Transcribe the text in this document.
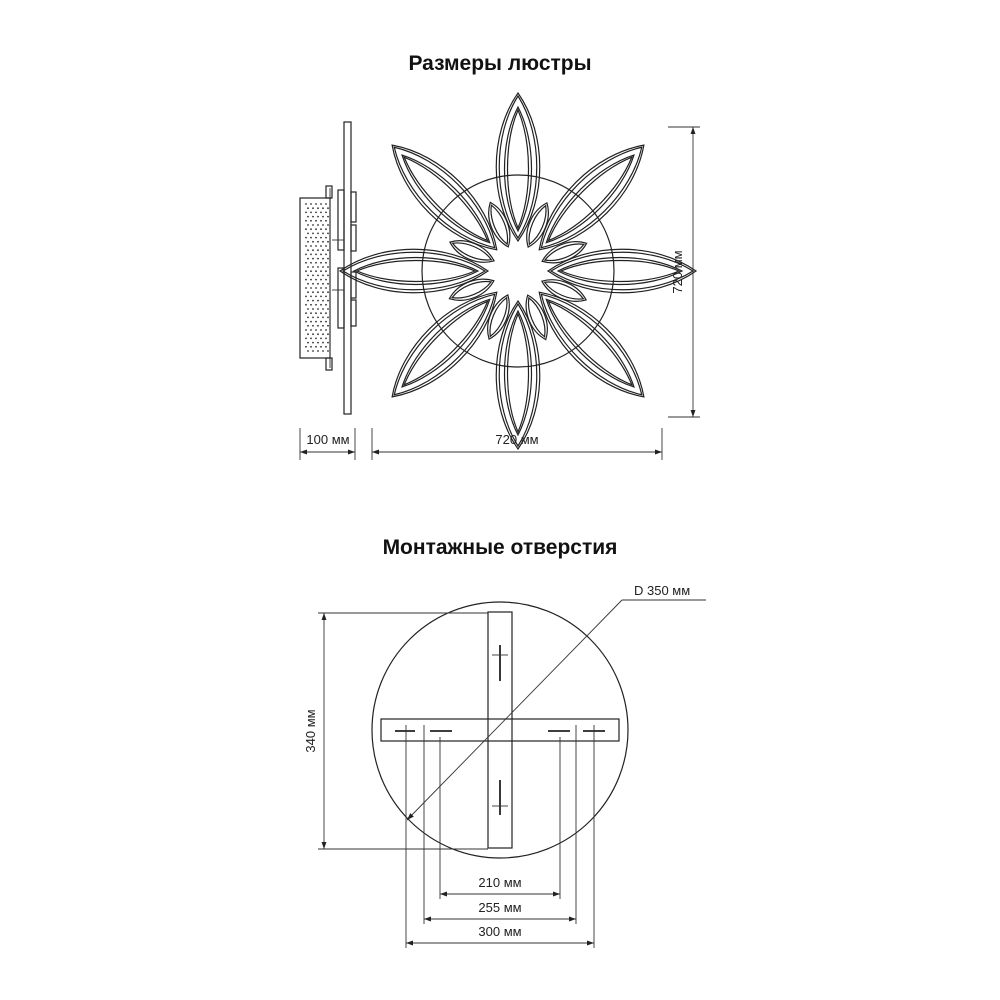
Размеры люстры
100 мм	720 мм
720 мм
Монтажные отверстия
D 350 мм
340 мм
210 мм
255 мм
300 мм
